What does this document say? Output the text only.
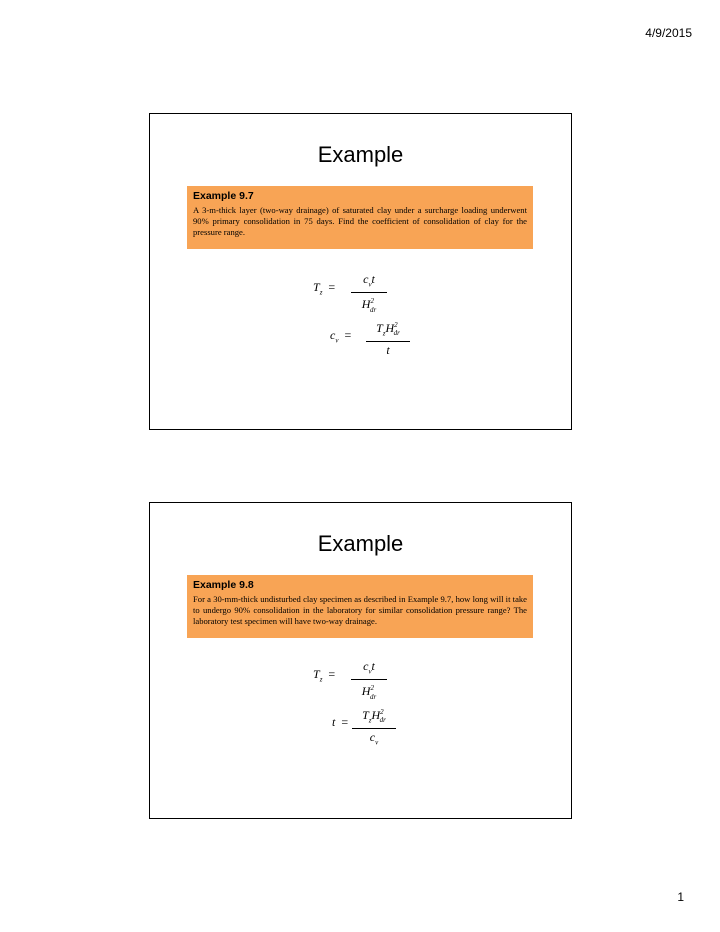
4/9/2015
Example
Example 9.7
A 3-m-thick layer (two-way drainage) of saturated clay under a surcharge loading underwent 90% primary consolidation in 75 days. Find the coefficient of consolidation of clay for the pressure range.
$T_z$ =
$c_vt$
$H^2_{dr}$
$c_v$ =	$T_zH^2_{dr}$
t
Example
Example 9.8
For a 30-mm-thick undisturbed clay specimen as described in Example 9.7, how long will it take to undergo 90% consolidation in the laboratory for similar consolidation pressure range? The laboratory test specimen will have two-way drainage.
$T_z$ =
$c_vt$
$H^2_{dr}$
t =	$T_zH^2_{dr}$
$c_v$
1
